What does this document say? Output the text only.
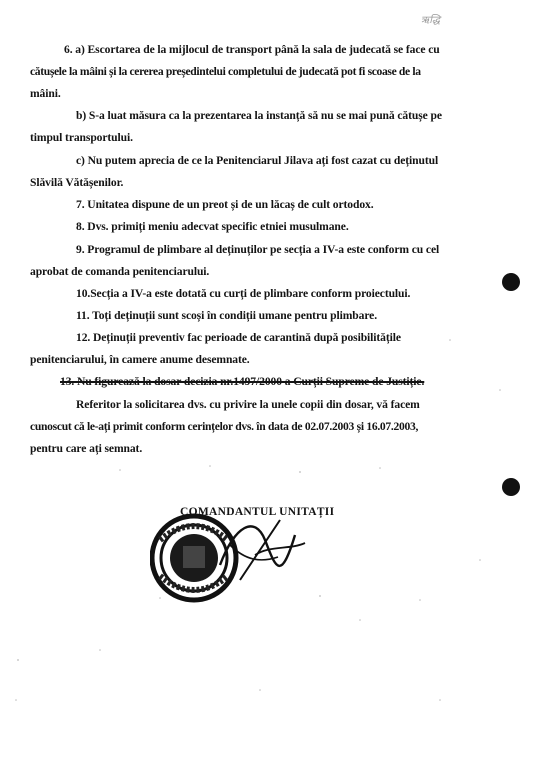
ऋद्धि
6. a) Escortarea de la mijlocul de transport până la sala de judecată se face cu
cătușele la mâini și la cererea președintelui completului de judecată pot fi scoase de la
mâini.
b) S-a luat măsura ca la prezentarea la instanță să nu se mai pună cătușe pe
timpul transportului.
c) Nu putem aprecia de ce la Penitenciarul Jilava ați fost cazat cu deținutul
Slăvilă Vătășenilor.
7. Unitatea dispune de un preot și de un lăcaș de cult ortodox.
8. Dvs. primiți meniu adecvat specific etniei musulmane.
9. Programul de plimbare al deținuților pe secția a IV-a este conform cu cel
aprobat de comanda penitenciarului.
10.Secția a IV-a este dotată cu curți de plimbare conform proiectului.
11. Toți deținuții sunt scoși în condiții umane pentru plimbare.
12. Deținuții preventiv fac perioade de carantină după posibilitățile
penitenciarului, în camere anume desemnate.
13. Nu figurează la dosar decizia nr.1497/2000 a Curții Supreme de Justiție.
Referitor la solicitarea dvs. cu privire la unele copii din dosar, vă facem
cunoscut că le-ați primit conform cerințelor dvs. în data de 02.07.2003 și 16.07.2003,
pentru care ați semnat.
COMANDANTUL UNITAȚII
